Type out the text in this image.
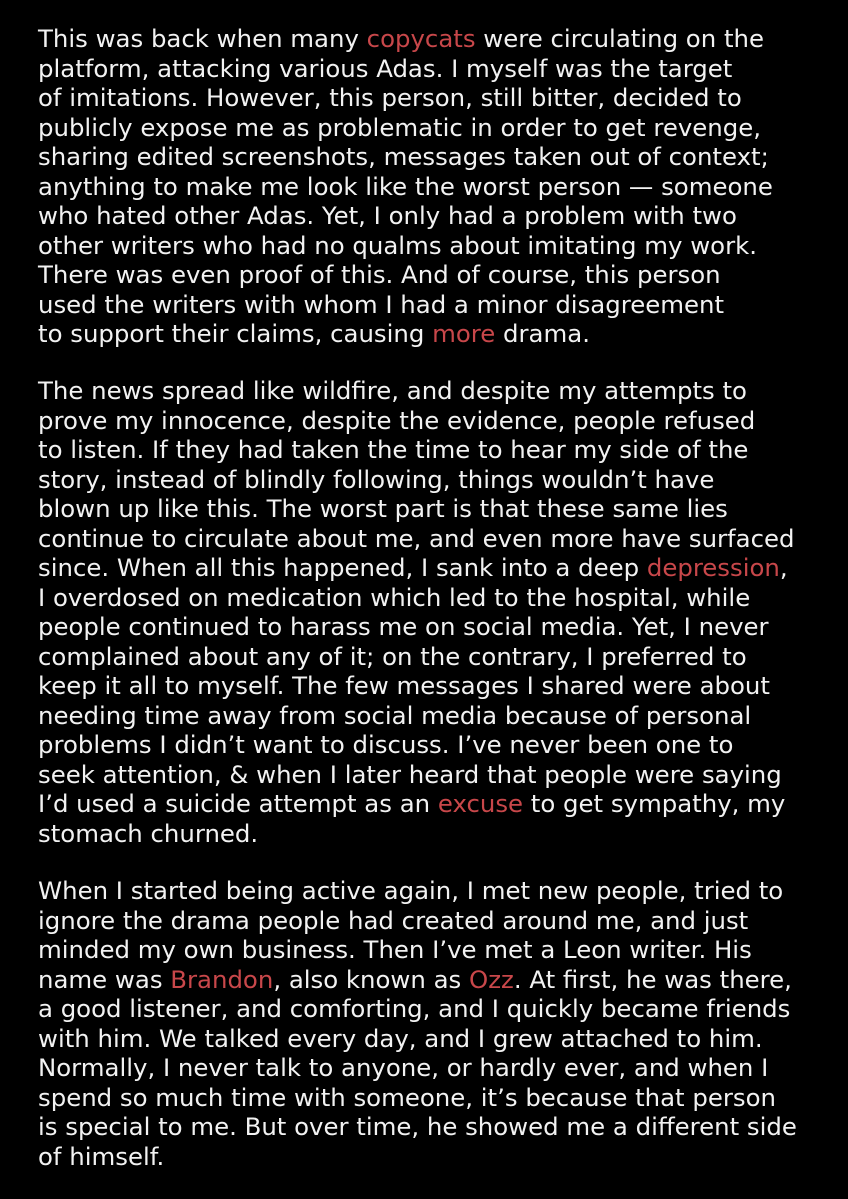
This was back when many copycats were circulating on the
platform, attacking various Adas. I myself was the target
of imitations. However, this person, still bitter, decided to
publicly expose me as problematic in order to get revenge,
sharing edited screenshots, messages taken out of context;
anything to make me look like the worst person — someone
who hated other Adas. Yet, I only had a problem with two
other writers who had no qualms about imitating my work.
There was even proof of this. And of course, this person
used the writers with whom I had a minor disagreement
to support their claims, causing more drama.
The news spread like wildfire, and despite my attempts to
prove my innocence, despite the evidence, people refused
to listen. If they had taken the time to hear my side of the
story, instead of blindly following, things wouldn’t have
blown up like this. The worst part is that these same lies
continue to circulate about me, and even more have surfaced
since. When all this happened, I sank into a deep depression,
I overdosed on medication which led to the hospital, while
people continued to harass me on social media. Yet, I never
complained about any of it; on the contrary, I preferred to
keep it all to myself. The few messages I shared were about
needing time away from social media because of personal
problems I didn’t want to discuss. I’ve never been one to
seek attention, & when I later heard that people were saying
I’d used a suicide attempt as an excuse to get sympathy, my
stomach churned.
When I started being active again, I met new people, tried to
ignore the drama people had created around me, and just
minded my own business. Then I’ve met a Leon writer. His
name was Brandon, also known as Ozz. At first, he was there,
a good listener, and comforting, and I quickly became friends
with him. We talked every day, and I grew attached to him.
Normally, I never talk to anyone, or hardly ever, and when I
spend so much time with someone, it’s because that person
is special to me. But over time, he showed me a different side
of himself.
